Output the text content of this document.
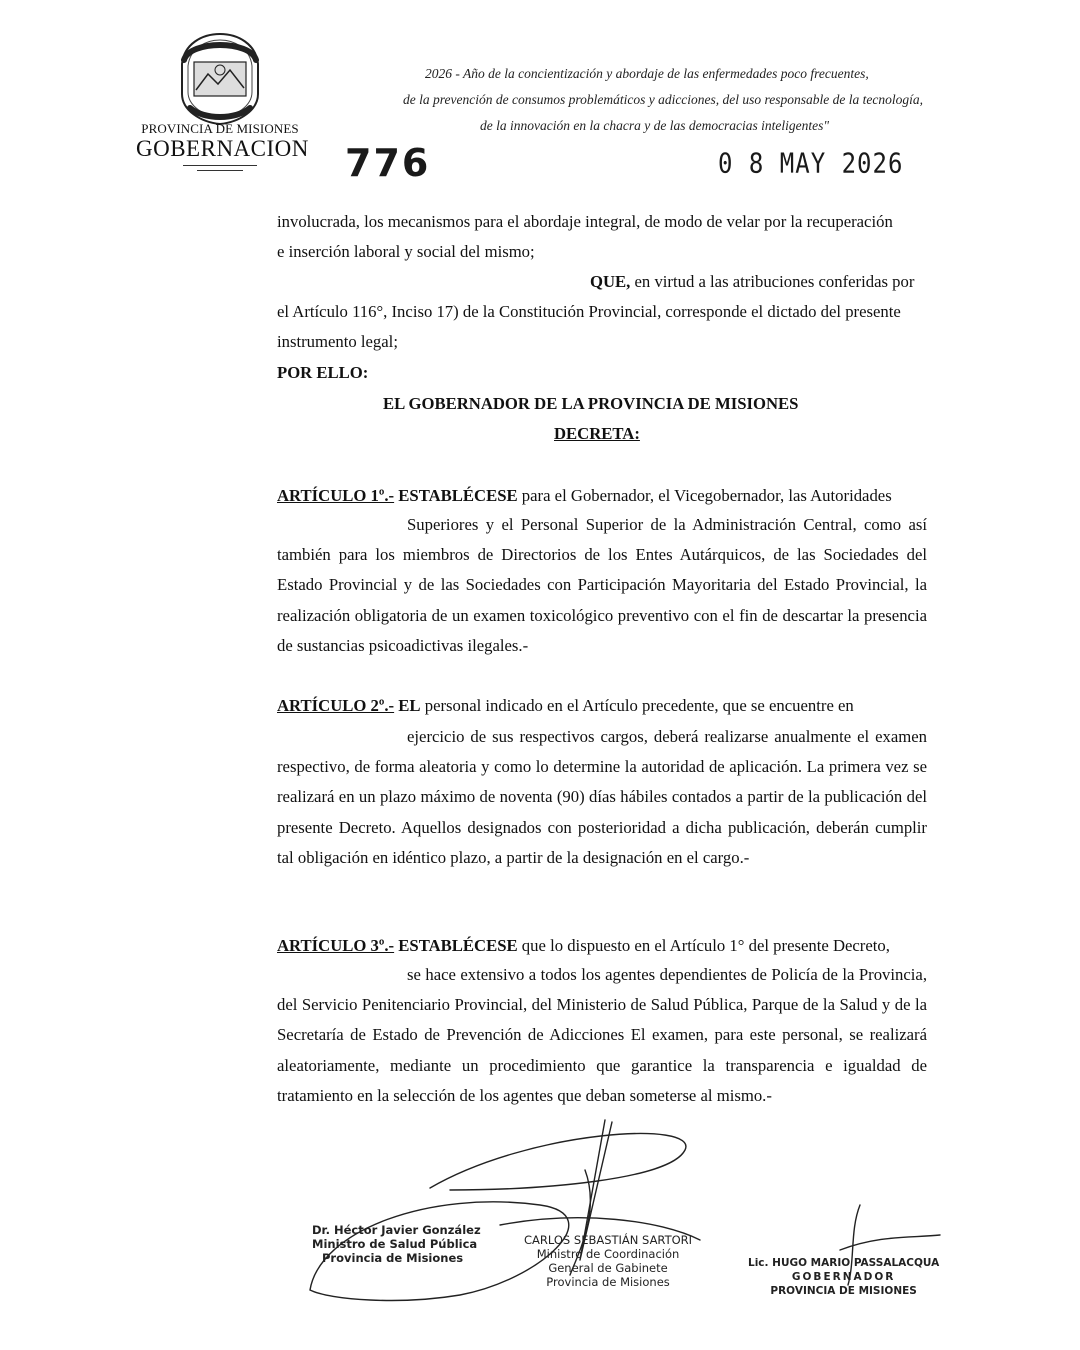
PROVINCIA DE MISIONES
GOBERNACION
2026 - Año de la concientización y abordaje de las enfermedades poco frecuentes,
de la prevención de consumos problemáticos y adicciones, del uso responsable de la tecnología,
de la innovación en la chacra y de las democracias inteligentes"
776	0 8 MAY 2026
involucrada, los mecanismos para el abordaje integral, de modo de velar por la recuperación
e inserción laboral y social del mismo;
QUE, en virtud a las atribuciones conferidas por
el Artículo 116°, Inciso 17) de la Constitución Provincial, corresponde el dictado del presente
instrumento legal;
POR ELLO:
EL GOBERNADOR DE LA PROVINCIA DE MISIONES
DECRETA:
ARTÍCULO 1º.- ESTABLÉCESE para el Gobernador, el Vicegobernador, las Autoridades
Superiores y el Personal Superior de la Administración Central, como así también para los miembros de Directorios de los Entes Autárquicos, de las Sociedades del Estado Provincial y de las Sociedades con Participación Mayoritaria del Estado Provincial, la realización obligatoria de un examen toxicológico preventivo con el fin de descartar la presencia de sustancias psicoadictivas ilegales.-
ARTÍCULO 2º.- EL personal indicado en el Artículo precedente, que se encuentre en
ejercicio de sus respectivos cargos, deberá realizarse anualmente el examen respectivo, de forma aleatoria y como lo determine la autoridad de aplicación. La primera vez se realizará en un plazo máximo de noventa (90) días hábiles contados a partir de la publicación del presente Decreto. Aquellos designados con posterioridad a dicha publicación, deberán cumplir tal obligación en idéntico plazo, a partir de la designación en el cargo.-
ARTÍCULO 3º.- ESTABLÉCESE que lo dispuesto en el Artículo 1° del presente Decreto,
se hace extensivo a todos los agentes dependientes de Policía de la Provincia, del Servicio Penitenciario Provincial, del Ministerio de Salud Pública, Parque de la Salud y de la Secretaría de Estado de Prevención de Adicciones El examen, para este personal, se realizará aleatoriamente, mediante un procedimiento que garantice la transparencia e igualdad de tratamiento en la selección de los agentes que deban someterse al mismo.-
Dr. Héctor Javier González
Ministro de Salud Pública
Provincia de Misiones
CARLOS SEBASTIÁN SARTORI
Ministro de Coordinación
General de Gabinete
Provincia de Misiones
Lic. HUGO MARIO PASSALACQUA
GOBERNADOR
PROVINCIA DE MISIONES
